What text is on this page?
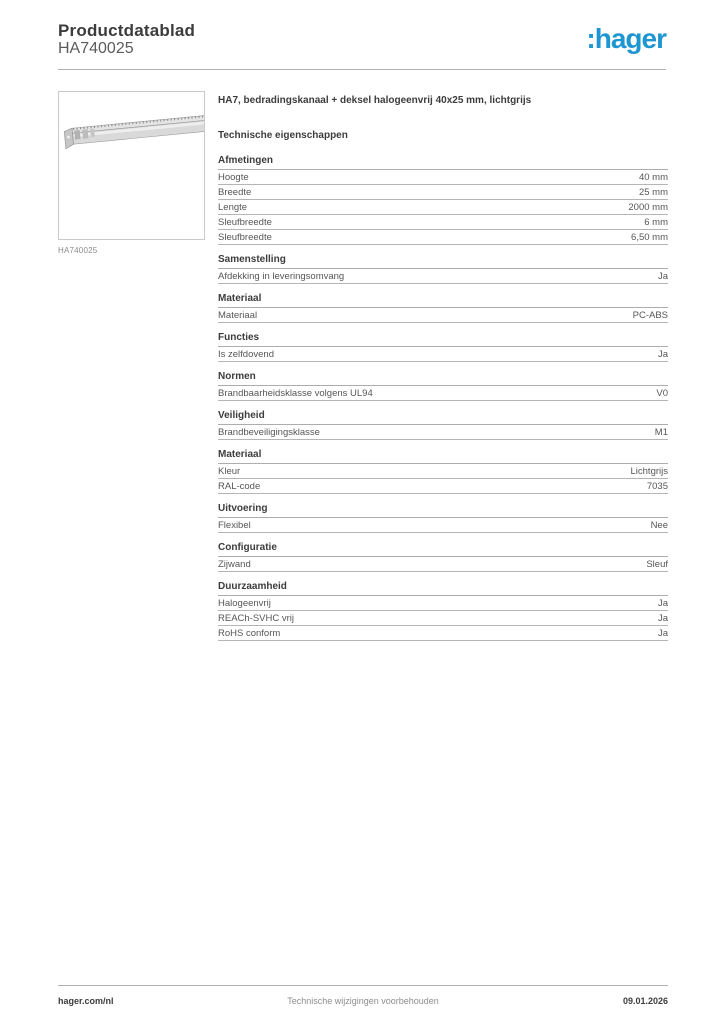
Productdatablad
HA740025	:hager
HA740025
HA7, bedradingskanaal + deksel halogeenvrij 40x25 mm, lichtgrijs
Technische eigenschappen
Afmetingen
Hoogte	40 mm
Breedte	25 mm
Lengte	2000 mm
Sleufbreedte	6 mm
Sleufbreedte	6,50 mm
Samenstelling
Afdekking in leveringsomvang	Ja
Materiaal
Materiaal	PC-ABS
Functies
Is zelfdovend	Ja
Normen
Brandbaarheidsklasse volgens UL94	V0
Veiligheid
Brandbeveiligingsklasse	M1
Materiaal
Kleur	Lichtgrijs
RAL-code	7035
Uitvoering
Flexibel	Nee
Configuratie
Zijwand	Sleuf
Duurzaamheid
Halogeenvrij	Ja
REACh-SVHC vrij	Ja
RoHS conform	Ja
hager.com/nl	Technische wijzigingen voorbehouden	09.01.2026
